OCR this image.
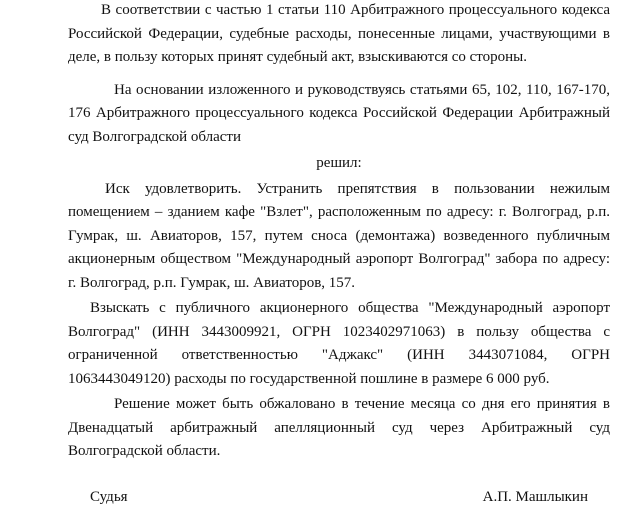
В соответствии с частью 1 статьи 110 Арбитражного процессуального кодекса Российской Федерации, судебные расходы, понесенные лицами, участвующими в деле, в пользу которых принят судебный акт, взыскиваются со стороны.

На основании изложенного и руководствуясь статьями 65, 102, 110, 167-170, 176 Арбитражного процессуального кодекса Российской Федерации Арбитражный суд Волгоградской области

решил:

Иск удовлетворить. Устранить препятствия в пользовании нежилым помещением – зданием кафе "Взлет", расположенным по адресу: г. Волгоград, р.п. Гумрак, ш. Авиаторов, 157, путем сноса (демонтажа) возведенного публичным акционерным обществом "Международный аэропорт Волгоград" забора по адресу: г. Волгоград, р.п. Гумрак, ш. Авиаторов, 157.

Взыскать с публичного акционерного общества "Международный аэропорт Волгоград" (ИНН 3443009921, ОГРН 1023402971063) в пользу общества с ограниченной ответственностью "Аджакс" (ИНН 3443071084, ОГРН 1063443049120) расходы по государственной пошлине в размере 6 000 руб.

Решение может быть обжаловано в течение месяца со дня его принятия в Двенадцатый арбитражный апелляционный суд через Арбитражный суд Волгоградской области.

Судья	А.П. Машлыкин
